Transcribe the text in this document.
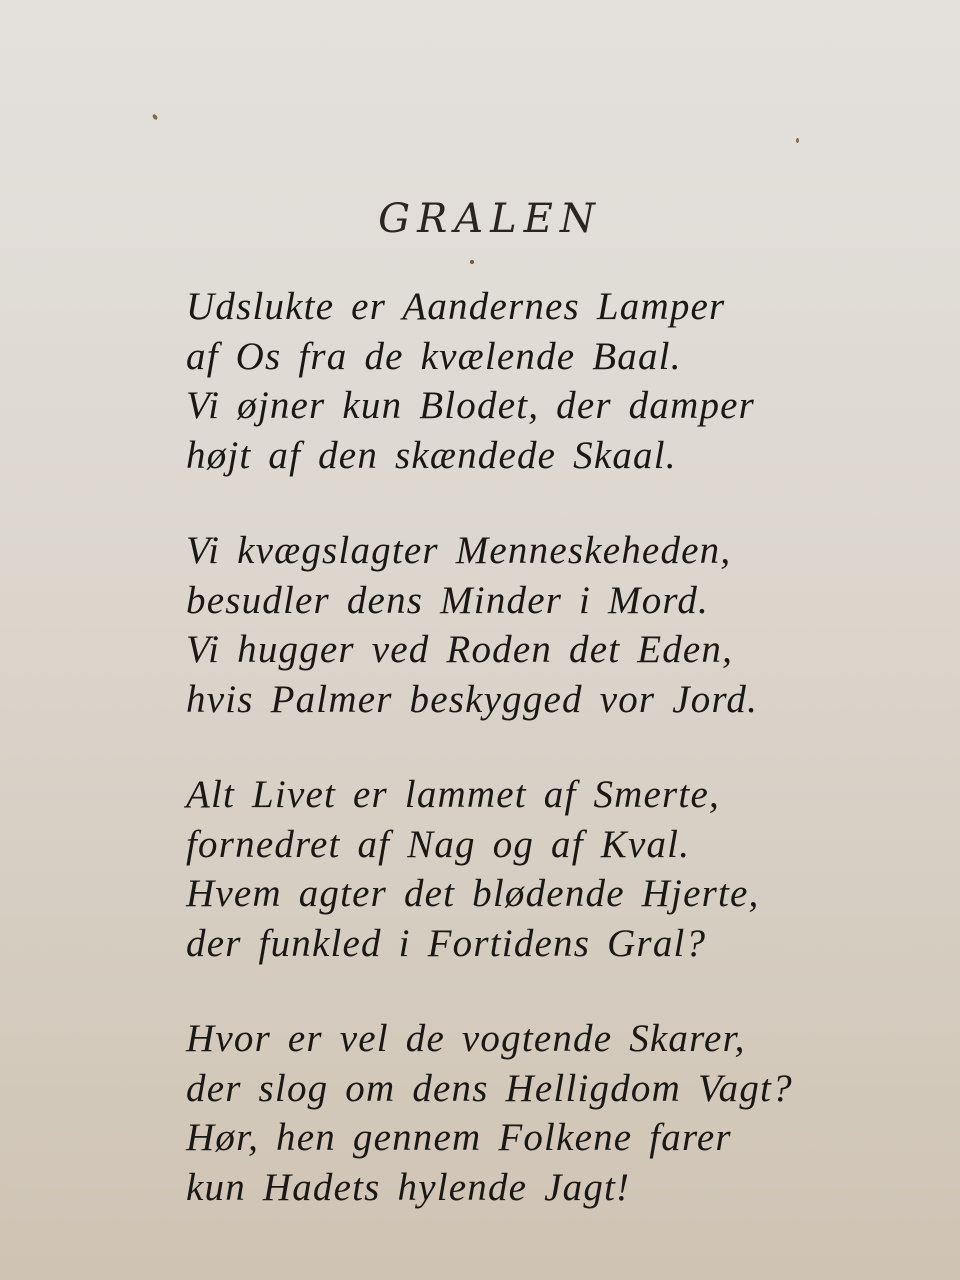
GRALEN
Udslukte er Aandernes Lamper
af Os fra de kvælende Baal.
Vi øjner kun Blodet, der damper
højt af den skændede Skaal.
Vi kvægslagter Menneskeheden,
besudler dens Minder i Mord.
Vi hugger ved Roden det Eden,
hvis Palmer beskygged vor Jord.
Alt Livet er lammet af Smerte,
fornedret af Nag og af Kval.
Hvem agter det blødende Hjerte,
der funkled i Fortidens Gral?
Hvor er vel de vogtende Skarer,
der slog om dens Helligdom Vagt?
Hør, hen gennem Folkene farer
kun Hadets hylende Jagt!
